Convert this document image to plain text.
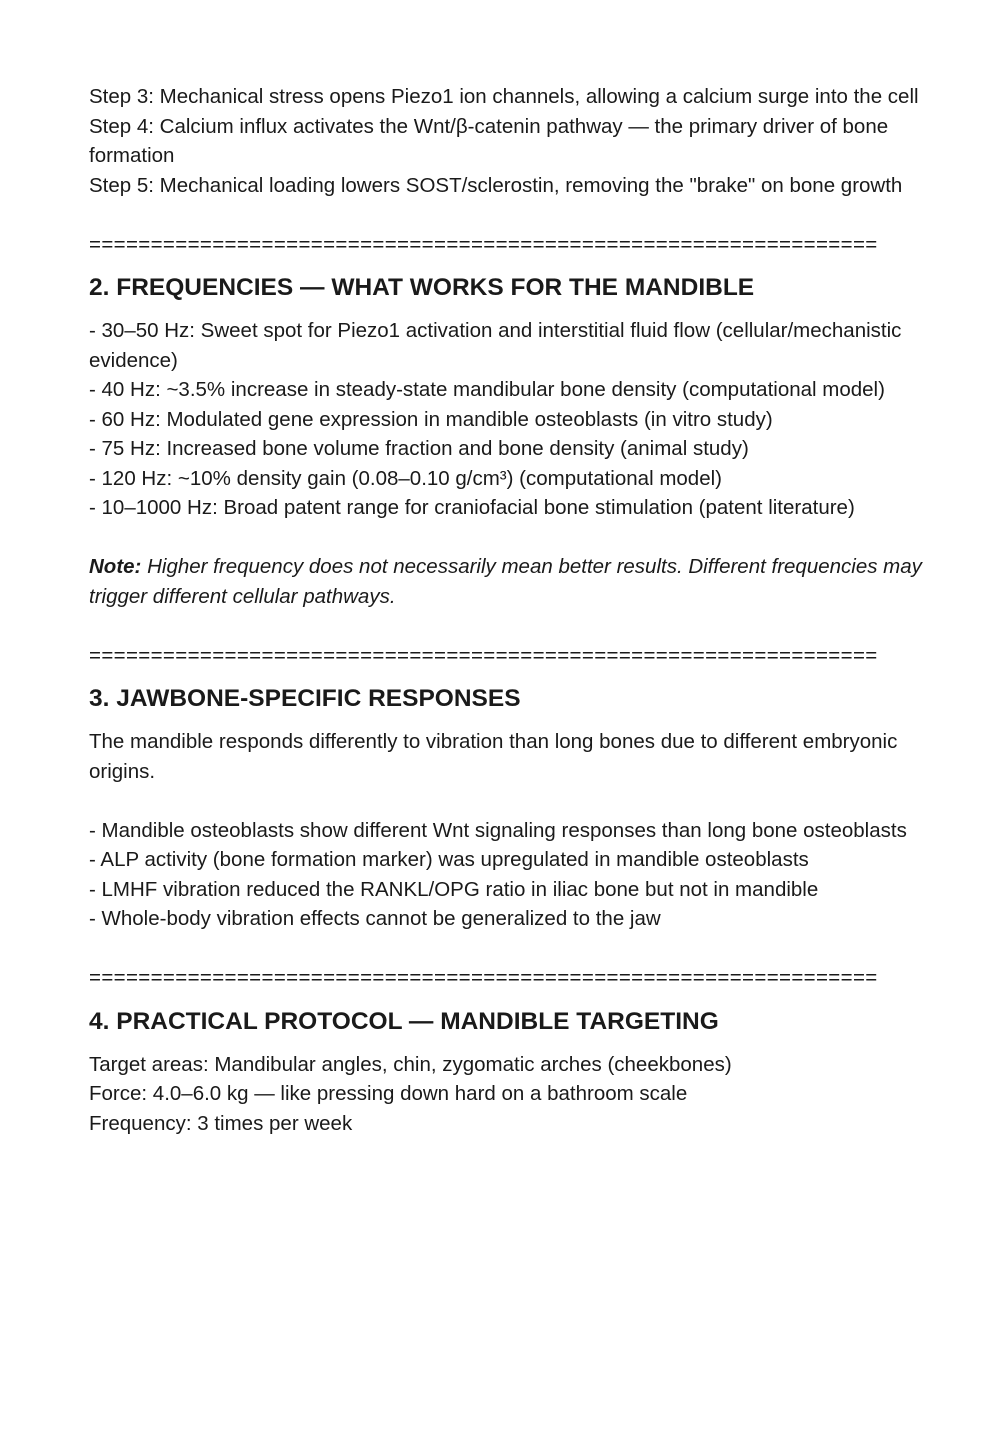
Step 3: Mechanical stress opens Piezo1 ion channels, allowing a calcium surge into the cell

Step 4: Calcium influx activates the Wnt/β-catenin pathway — the primary driver of bone formation

Step 5: Mechanical loading lowers SOST/sclerostin, removing the "brake" on bone growth

================================================================

2. FREQUENCIES — WHAT WORKS FOR THE MANDIBLE

- 30–50 Hz: Sweet spot for Piezo1 activation and interstitial fluid flow (cellular/mechanistic evidence)

- 40 Hz: ~3.5% increase in steady-state mandibular bone density (computational model)

- 60 Hz: Modulated gene expression in mandible osteoblasts (in vitro study)

- 75 Hz: Increased bone volume fraction and bone density (animal study)

- 120 Hz: ~10% density gain (0.08–0.10 g/cm³) (computational model)

- 10–1000 Hz: Broad patent range for craniofacial bone stimulation (patent literature)

Note: Higher frequency does not necessarily mean better results. Different frequencies may trigger different cellular pathways.

================================================================

3. JAWBONE-SPECIFIC RESPONSES

The mandible responds differently to vibration than long bones due to different embryonic origins.

- Mandible osteoblasts show different Wnt signaling responses than long bone osteoblasts

- ALP activity (bone formation marker) was upregulated in mandible osteoblasts

- LMHF vibration reduced the RANKL/OPG ratio in iliac bone but not in mandible

- Whole-body vibration effects cannot be generalized to the jaw

================================================================

4. PRACTICAL PROTOCOL — MANDIBLE TARGETING

Target areas: Mandibular angles, chin, zygomatic arches (cheekbones)

Force: 4.0–6.0 kg — like pressing down hard on a bathroom scale

Frequency: 3 times per week
